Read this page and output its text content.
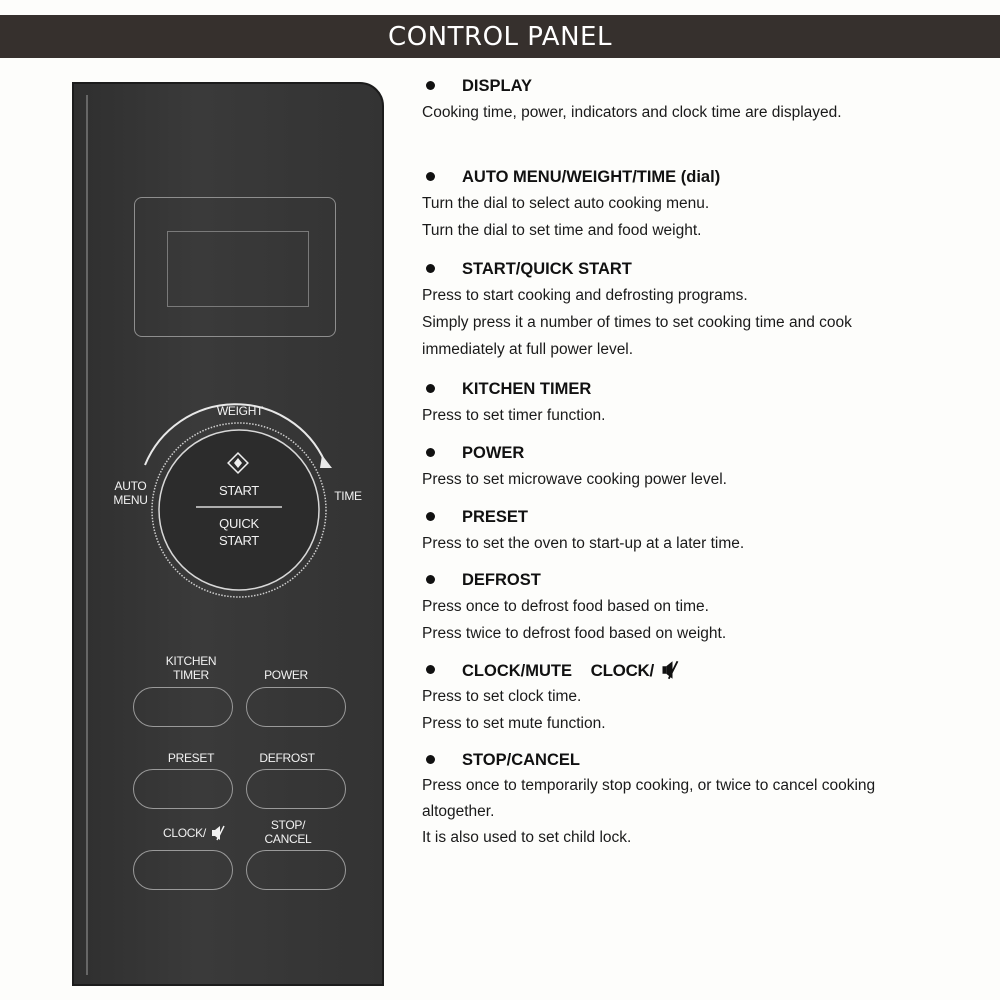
CONTROL PANEL
WEIGHT
AUTO
MENU	TIME
START
QUICK
START
KITCHEN
TIMER	POWER
PRESET	DEFROST
CLOCK/
STOP/
CANCEL
DISPLAY

Cooking time, power, indicators and clock time are displayed.

AUTO MENU/WEIGHT/TIME (dial)

Turn the dial to select auto cooking menu.

Turn the dial to set time and food weight.

START/QUICK START

Press to start cooking and defrosting programs.

Simply press it a number of times to set cooking time and cook immediately at full power level.

KITCHEN TIMER

Press to set timer function.

POWER

Press to set microwave cooking power level.

PRESET

Press to set the oven to start-up at a later time.

DEFROST

Press once to defrost food based on time.

Press twice to defrost food based on weight.

CLOCK/MUTE CLOCK/

Press to set clock time.

Press to set mute function.

STOP/CANCEL

Press once to temporarily stop cooking, or twice to cancel cooking altogether.

It is also used to set child lock.
